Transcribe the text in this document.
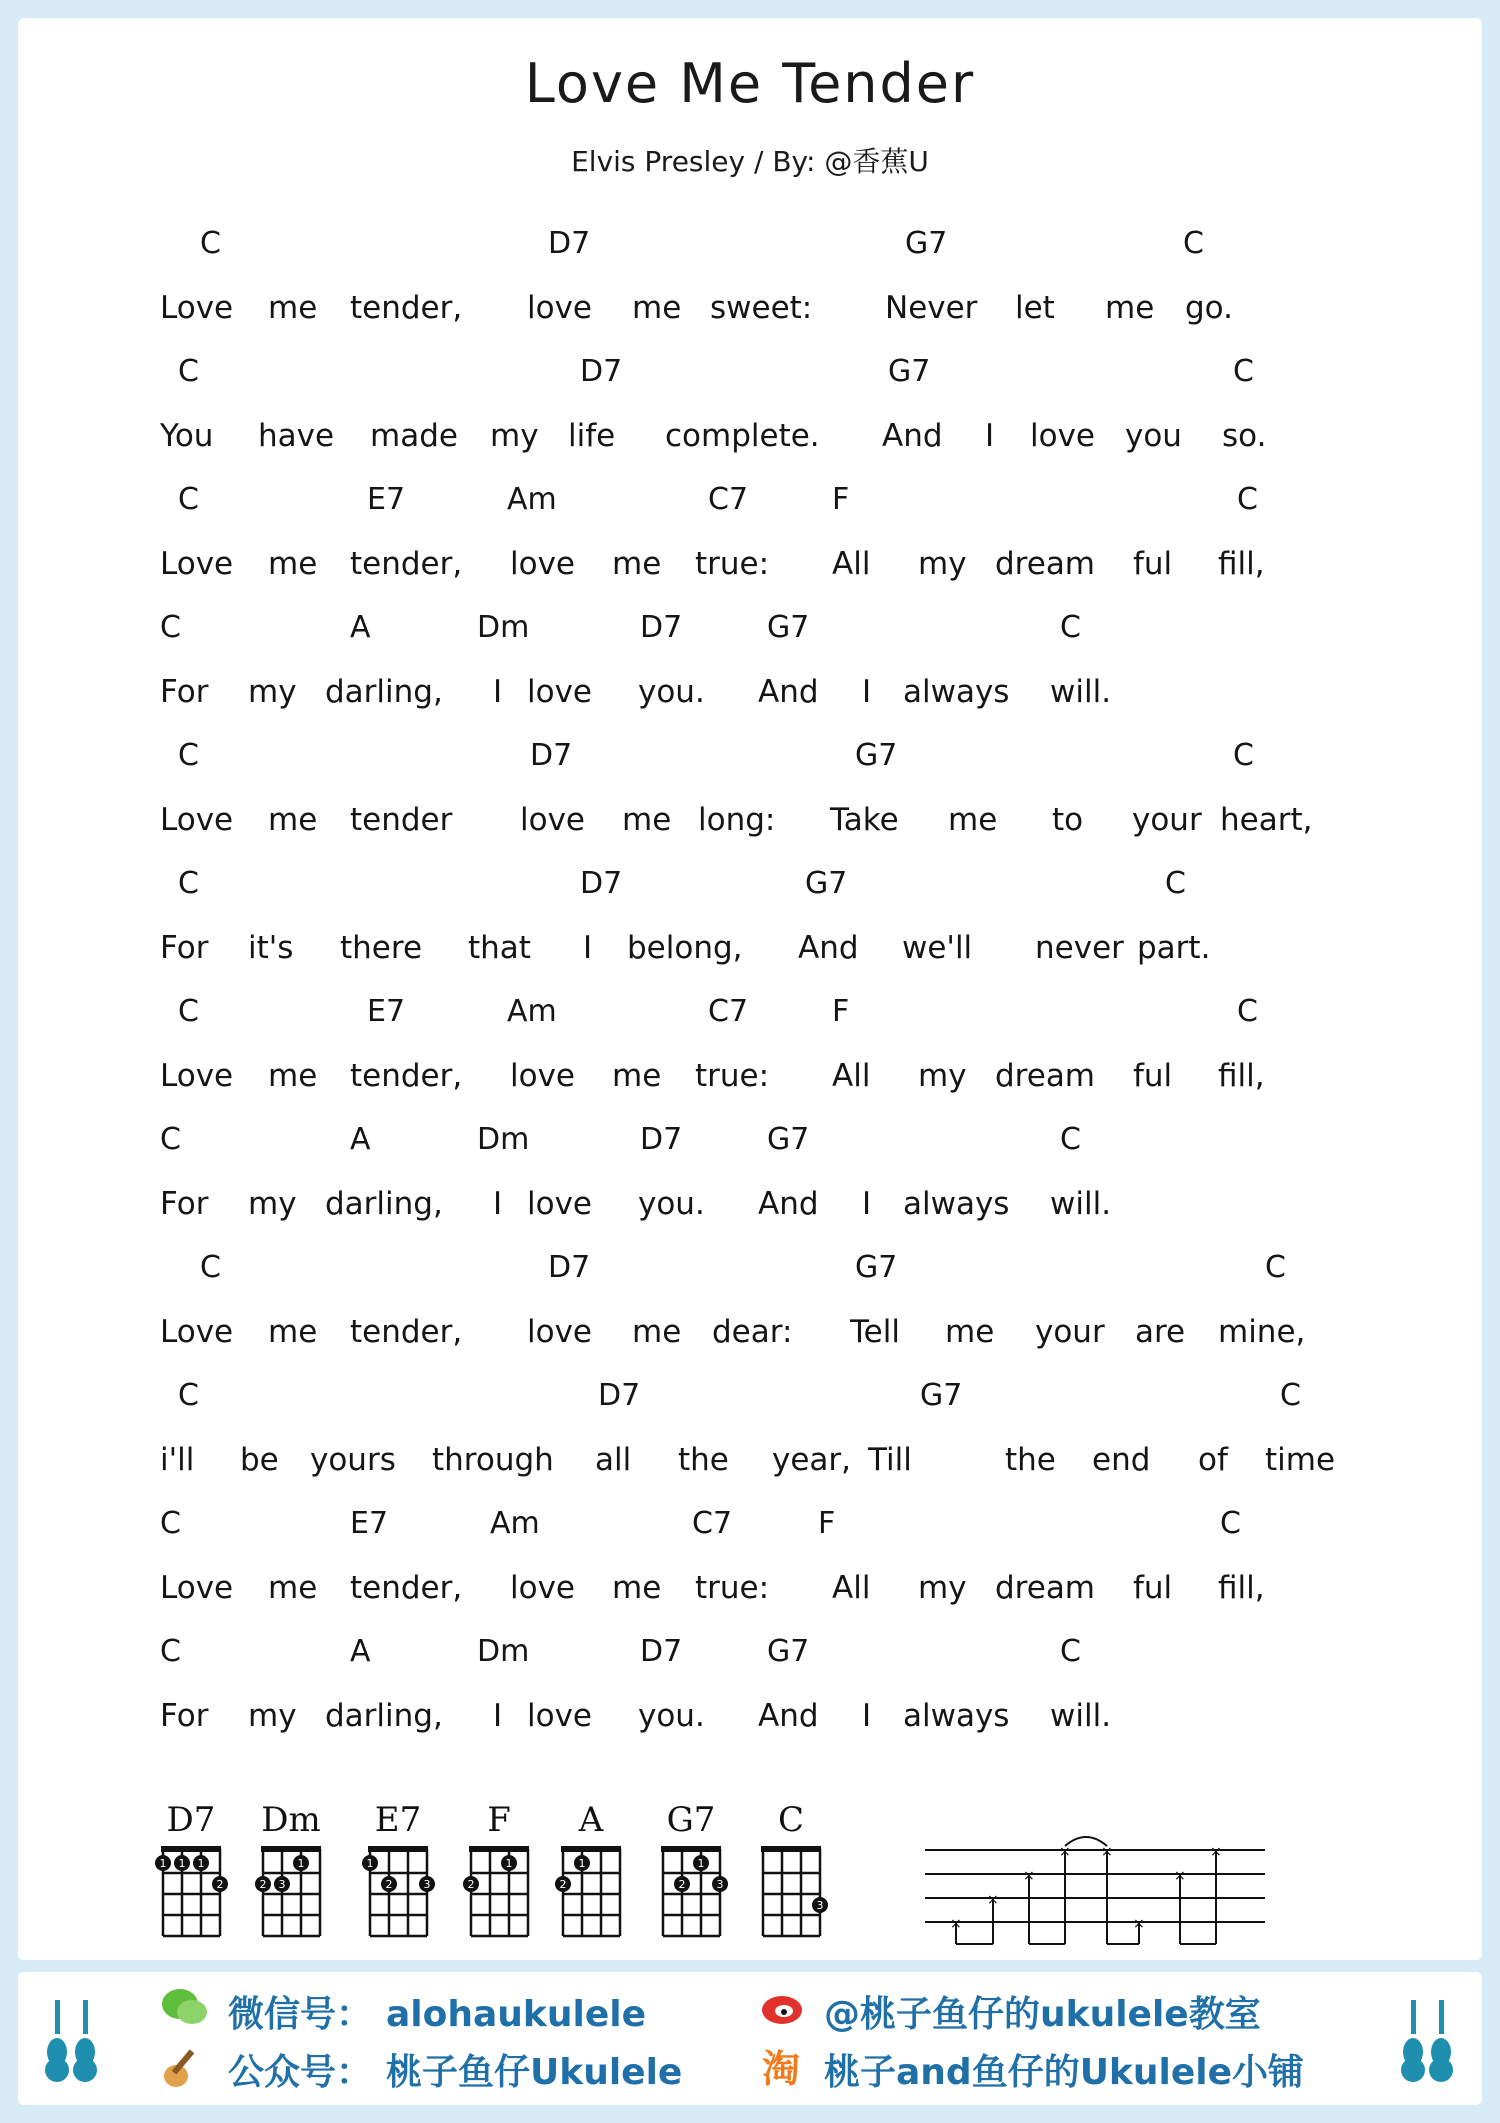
Love Me Tender
Elvis Presley / By: @香蕉U
C	D7	G7	C
Love me tender, love me sweet: Never let me go.
C	D7	G7	C
You have made my life complete. And I love you so.
C	E7	Am	C7	F	C
Love me tender, love me true: All my dream ful fill,
C	A	Dm	D7	G7	C
For my darling, I love you. And I always will.
C	D7	G7	C
Love me tender love me long: Take me to your heart,
C	D7	G7	C
For it's there that I belong, And we'll never part.
C	E7	Am	C7	F	C
Love me tender, love me true: All my dream ful fill,
C	A	Dm	D7	G7	C
For my darling, I love you. And I always will.
C	D7	G7	C
Love me tender, love me dear: Tell me your are mine,
C	D7	G7	C
i'll be yours through all the year, Till	the end of time
C	E7	Am	C7	F	C
Love me tender, love me true: All my dream ful fill,
C	A	Dm	D7	G7	C
For my darling, I love you. And I always will.
D7
1 1 1
2
Dm
2 3
1
E7
1
2	3
F
2
1
A
2
1
G7
2
1
3
C
3
×
×
×
× ×
×
×
×
淘
微信号： alohaukulele
公众号： 桃子鱼仔Ukulele
@桃子鱼仔的ukulele教室
桃子and鱼仔的Ukulele小铺
